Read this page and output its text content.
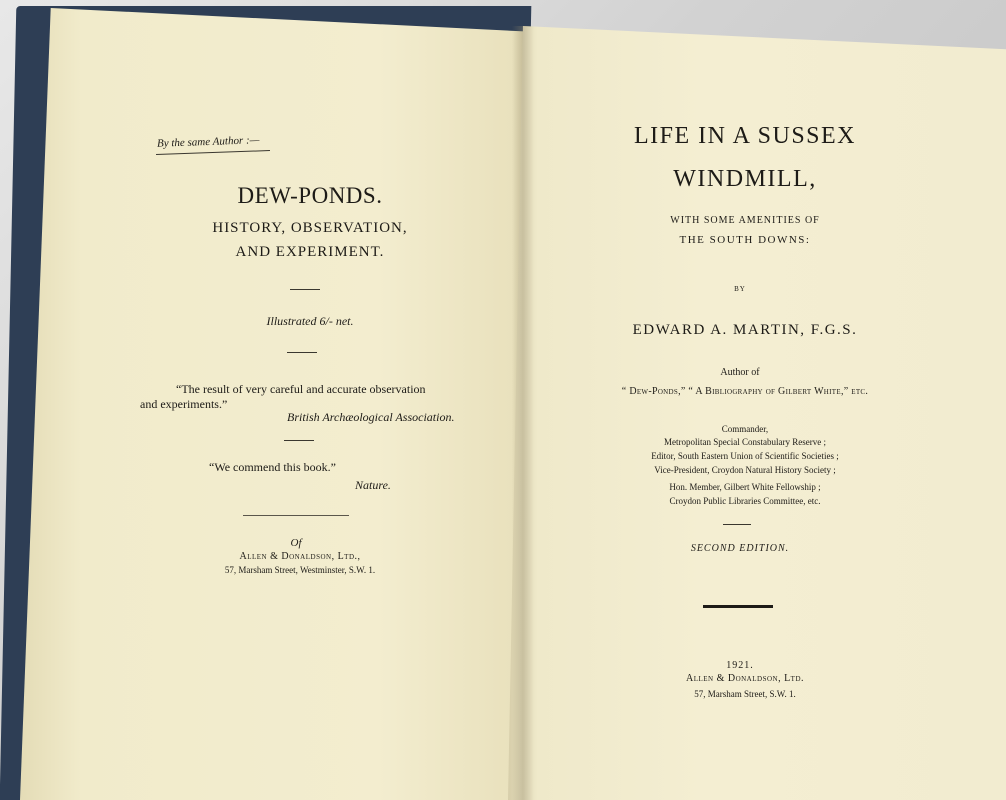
By the same Author :—
DEW-PONDS.
HISTORY, OBSERVATION,
AND EXPERIMENT.
Illustrated 6/- net.
“The result of very careful and accurate observation
and experiments.”
British Archæological Association.
“We commend this book.”
Nature.
Of
Allen & Donaldson, Ltd.,
57, Marsham Street, Westminster, S.W. 1.
LIFE IN A SUSSEX
WINDMILL,
WITH SOME AMENITIES OF
THE SOUTH DOWNS:
BY
EDWARD A. MARTIN, F.G.S.
Author of
“ Dew-Ponds,” “ A Bibliography of Gilbert White,” etc.
Commander,
Metropolitan Special Constabulary Reserve ;
Editor, South Eastern Union of Scientific Societies ;
Vice-President, Croydon Natural History Society ;
Hon. Member, Gilbert White Fellowship ;
Croydon Public Libraries Committee, etc.
SECOND EDITION.
1921.
Allen & Donaldson, Ltd.
57, Marsham Street, S.W. 1.
